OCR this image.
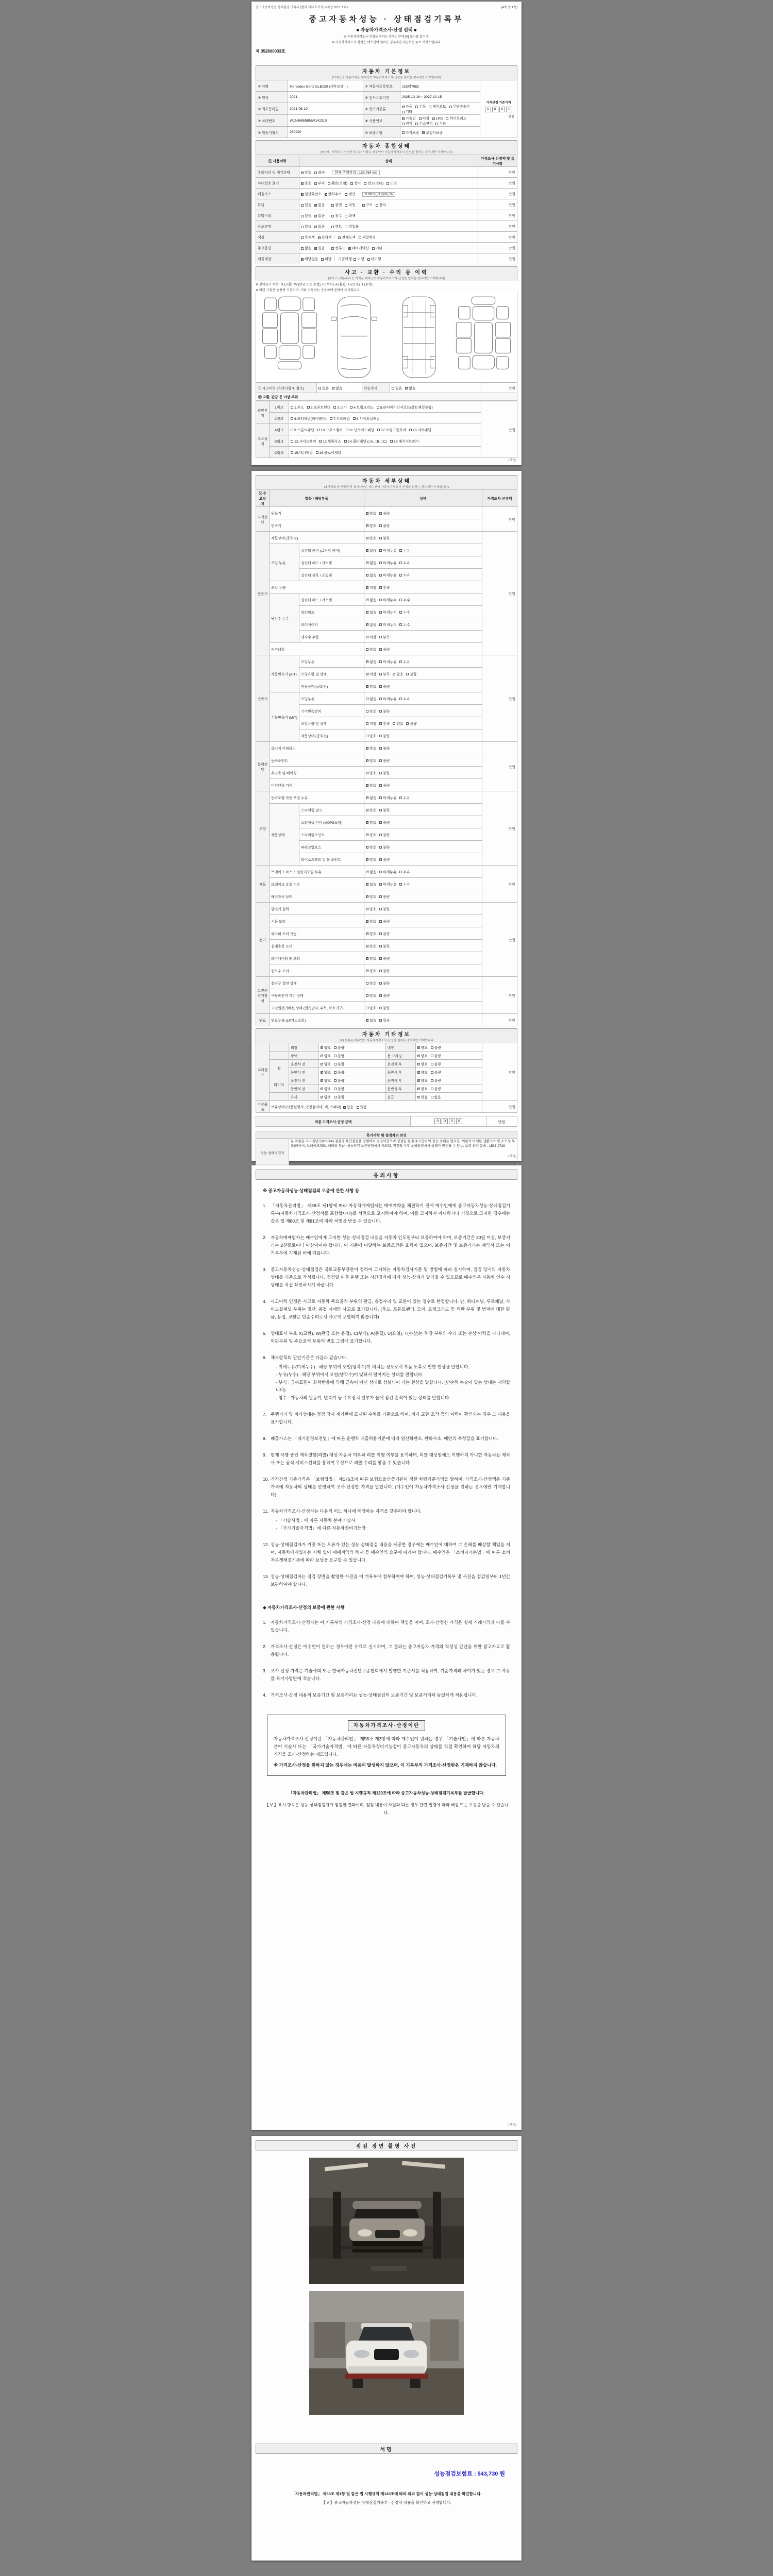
중고자동차성능·상태점검 기록부 [별지 제82호서식] <개정 2021.1.9.>	(4쪽 중 1쪽)
중고자동차성능 · 상태점검기록부
■ 자동차가격조사·산정 선택 ■
※ 자동차가격조사·산정을 원하는 경우 □ 안에 [V] 표시를 합니다.
※ 자동차가격조사·산정은 매수인이 원하는 경우에만 제공하는 유료 서비스입니다.
제 352600033호
자동차 기본정보
(가격산정 기준가격은 매수인이 자동차가격조사·산정을 원하는 경우에만 기재합니다)
① 차명	Mercedes-Benz GLB220 (세부모델 : )	② 자동차등록번호	102러7982	가격산정 기준가격
0 0 0 0
만원

③ 연식	2021	④ 검사유효기간	2025-10-16 ~ 2027-10-15	
⑤ 최초등록일	2021-06-19	⑥ 변속기종류	✓자동 수동 세미오토 무단변속기기타
⑦ 차대번호	W1N4MBB8MW142310	⑧ 사용연료	✓가솔린 디젤 LPG 하이브리드전기 수소전기 기타
⑨ 원동기형식	260920	⑩ 보증유형	자가보증 ✓ 보험사보증
자동차 종합상태
(※상태, 가격조사·산정액 및 특기사항은 매수인이 자동차가격조사·산정을 원하는 경우에만 기재합니다)
⑪ 사용이력	상태	가격조사·산정액 및 특기사항
주행거리 및 계기상태	✓양호 불량 현재 주행거리 : 155,764 km	만원
차대번호 표기	✓양호 부식 훼손(오염) 상이 변조(변타) 도장	만원
배출가스	✓일산화탄소 ✓ 탄화수소 매연 0.00 %, 0 ppm, %	만원
튜닝	있음 ✓ 없음 불법 적법 구조 장치	만원
특별이력	있음 ✓ 없음 침수 화재	만원
용도변경	있음 ✓ 없음 렌트 영업용	만원
색상	무채색 ✓ 유채색 전체도색 색상변경	만원
주요옵션	없음 ✓ 있음 썬루프 ✓ 네비게이션 기타	만원
리콜대상	✓해당없음 해당 리콜이행 이행 미이행	만원
사고 · 교환 · 수리 등 이력
(※사고·교환·수리 등 이력은 매수인이 자동차가격조사·산정을 원하는 경우에만 기재합니다)
※ 상태표시 부호 : X (교환), W (판금 또는 용접), C (부식), A (흠집), U (요철), T (손상)
※ 하단 그림은 승용차 기준이며, 기타 자동차는 승용차에 준하여 표시합니다.
⑫ 사고이력 (유의사항 4. 참조)	있음 ✓ 없음	단순수리	있음 ✓ 없음	만원
⑬ 교환, 판금 등 이상 부위
외판부위	1랭크	1.후드 2.프론트펜더 3.도어 4.트렁크리드 5.라디에이터서포트(볼트체결부품)	만원
	2랭크	6.쿼터패널(리어펜더) 7.루프패널 8.사이드실패널	
주요골격	A랭크	9.프론트패널 10.크로스멤버 11.인사이드패널 17.트렁크플로어 18.리어패널	
	B랭크	12.사이드멤버 13.휠하우스 14.필러패널 (□A, □B, □C) 19.패키지트레이	
	C랭크	15.대쉬패널 16.플로어패널	
(계속)
자동차 세부상태
(※가격조사·산정액 및 특기사항은 매수인이 자동차가격조사·산정을 원하는 경우에만 기재합니다)
⑭ 주요장치	항목 / 해당부품		상태	가격조사·산정액
자기진단	원동기	✓양호 불량	만원
	변속기	✓양호 불량
원동기	작동상태 (공회전)	✓양호 불량	만원
	오일 누유	실린더 커버 (로커암 커버)	✓없음 미세누유 누유
		실린더 헤드 / 가스켓	✓없음 미세누유 누유
		실린더 블록 / 오일팬	✓없음 미세누유 누유
	오일 유량	✓적정 부족
	냉각수 누수	실린더 헤드 / 가스켓	✓없음 미세누수 누수
		워터펌프	✓없음 미세누수 누수
		라디에이터	✓없음 미세누수 누수
		냉각수 수량	✓적정 부족
	커먼레일		양호 불량	
변속기	자동변속기 (A/T)	오일누유	✓없음 미세누유 누유	만원
		오일유량 및 상태	✓적정 부족 ✓ 양호 불량
		작동상태 (공회전)	✓양호 불량
	수동변속기 (M/T)	오일누유	없음 미세누유 누유	
		기어변속장치	양호 불량	
		오일유량 및 상태	적정 부족 양호 불량	
		작동상태 (공회전)	양호 불량	
동력전달	클러치 어셈블리	✓양호 불량	만원
	등속조인트	✓양호 불량
	추진축 및 베어링	✓양호 불량
	디퍼렌셜 기어	✓양호 불량
조향	동력조향 작동 오일 누유	✓없음 미세누유 누유	만원
	작동상태	스티어링 펌프	✓양호 불량
		스티어링 기어 (MDPS포함)	✓양호 불량
		스티어링조인트	✓양호 불량
		파워고압호스	✓양호 불량
		타이로드엔드 및 볼 조인트	✓양호 불량
제동	브레이크 마스터 실린더오일 누유	✓없음 미세누유 누유	만원
	브레이크 오일 누유	✓없음 미세누유 누유
	배력장치 상태	✓양호 불량
전기	발전기 출력	✓양호 불량	만원
	시동 모터	✓양호 불량
	와이퍼 모터 기능	✓양호 불량
	실내송풍 모터	✓양호 불량
	라디에이터 팬 모터	✓양호 불량
	윈도우 모터	✓양호 불량
고전원전기장치	충전구 절연 상태		양호 불량	만원
	구동축전지 격리 상태		양호 불량	
	고전원전기배선 상태 (접속단자, 피복, 보호기구)		양호 불량	
연료	연료누출 (LP가스포함)	✓없음 있음	만원
자동차 기타정보
(※) 항목은 매수인이 자동차가격조사·산정을 원하는 경우에만 기재합니다
수리필요		외장	✓양호 불량	내장	✓양호 불량	만원
		광택	✓양호 불량	룸 크리닝	✓양호 불량
	휠	운전석 전	✓양호 불량	운전석 후	✓양호 불량
		동반석 전	✓양호 불량	동반석 후	✓양호 불량
	타이어	운전석 전	✓양호 불량	운전석 후	✓양호 불량
		동반석 전	✓양호 불량	동반석 후	✓양호 불량
		유리	✓양호 불량	응급	✓있음 없음
기본품목	보유상태 (사용설명서, 안전삼각대, 잭, 스패너)  ✓있음 없음					만원
최종 가격조사·산정 금액	0 0 0 0	만원
특기사항 및 점검자의 의견	
성능·상태점검자	본 차량은 자가진단기(OBD-Ⅱ) 점검과 육안점검을 병행하여 점검하였으며 점검일 현재 주요장치의 성능·상태는 양호함. 외판의 미세한 생활기스 및 소모성 부품(타이어, 브레이크패드, 배터리 등)은 성능점검 보증범위에서 제외됨. 점검일 이후 운행과정에서 상태가 변동될 수 있음. 보증 관련 문의 : 1533-2729

(계속)
유의사항
※ 중고자동차성능·상태점검의 보증에 관한 사항 등
1. 「자동차관리법」 제58조 제1항에 따라 자동차매매업자는 매매계약을 체결하기 전에 매수인에게 중고자동차성능·상태점검기록부(자동차가격조사·산정서를 포함합니다)를 서면으로 고지하여야 하며, 이를 고지하지 아니하거나 거짓으로 고지한 경우에는 같은 법 제80조 및 제81조에 따라 처벌을 받을 수 있습니다.
2. 자동차매매업자는 매수인에게 고지한 성능·상태점검 내용을 자동차 인도일부터 보증하여야 하며, 보증기간은 30일 이상, 보증거리는 2천킬로미터 이상이어야 합니다. 이 기준에 미달하는 보증조건은 효력이 없으며, 보증기간 및 보증거리는 계약서 또는 이 기록부에 기재된 바에 따릅니다.
3. 중고자동차성능·상태점검은 국토교통부장관이 정하여 고시하는 자동차검사기준 및 방법에 따라 실시하며, 점검 당시의 자동차 상태를 기준으로 작성됩니다. 점검일 이후 운행 또는 시간경과에 따라 성능·상태가 달라질 수 있으므로 매수인은 자동차 인수 시 상태를 직접 확인하시기 바랍니다.
4. 사고이력 인정은 사고로 자동차 주요골격 부위의 판금, 용접수리 및 교환이 있는 경우로 한정합니다. 단, 쿼터패널, 루프패널, 사이드실패널 부위는 절단, 용접 시에만 사고로 표기합니다. (후드, 프론트펜더, 도어, 트렁크리드 등 외판 부위 및 범퍼에 대한 판금, 용접, 교환은 단순수리로서 사고에 포함되지 않습니다)
5. 상태표시 부호 X(교환), W(판금 또는 용접), C(부식), A(흠집), U(요철), T(손상)는 해당 부위의 수리 또는 손상 이력을 나타내며, 외판부위 및 주요골격 부위의 번호 그림에 표기합니다.
6. 체크항목의 판단기준은 다음과 같습니다.
- 미세누유(미세누수) : 해당 부위에 오일(냉각수)이 비치는 정도로서 부품 노후로 인한 현상을 말합니다.
- 누유(누수) : 해당 부위에서 오일(냉각수)이 맺혀서 떨어지는 상태를 말합니다.
- 부식 : 금속표면이 화학반응에 의해 금속이 아닌 상태로 상실되어 가는 현상을 말합니다. (단순히 녹슬어 있는 상태는 제외합니다)
- 침수 : 자동차의 원동기, 변속기 등 주요장치 일부가 물에 잠긴 흔적이 있는 상태를 말합니다.
7. 주행거리 및 계기상태는 점검 당시 계기판에 표시된 수치를 기준으로 하며, 계기 교환·조작 등의 이력이 확인되는 경우 그 내용을 표기합니다.
8. 배출가스는 「대기환경보전법」에 따른 운행차 배출허용기준에 따라 일산화탄소, 탄화수소, 매연의 측정값을 표기합니다.
9. 현재 시행 중인 제작결함(리콜) 대상 자동차 여부와 리콜 이행 여부를 표기하며, 리콜 대상임에도 이행하지 아니한 자동차는 제작사 또는 공식 서비스센터를 통하여 무상으로 리콜 수리를 받을 수 있습니다.
10. 가격산정 기준가격은 「보험업법」 제176조에 따른 보험요율산출기관이 정한 차량기준가액을 말하며, 가격조사·산정액은 기준가격에 자동차의 상태를 반영하여 조사·산정한 가격을 말합니다. (매수인이 자동차가격조사·산정을 원하는 경우에만 기재합니다)
11. 자동차가격조사·산정자는 다음의 어느 하나에 해당하는 자격을 갖추어야 합니다.
- 「기술사법」에 따른 자동차 분야 기술사
- 「국가기술자격법」에 따른 자동차정비기능장
12. 성능·상태점검자가 거짓 또는 오류가 있는 성능·상태점검 내용을 제공한 경우에는 매수인에 대하여 그 손해를 배상할 책임을 지며, 자동차매매업자는 지체 없이 매매계약의 해제 등 매수인의 요구에 따라야 합니다. 매수인은 「소비자기본법」에 따른 소비자분쟁해결기준에 따라 보상을 요구할 수 있습니다.
13. 성능·상태점검자는 점검 장면을 촬영한 사진을 이 기록부에 첨부하여야 하며, 성능·상태점검기록부 및 사진을 점검일부터 1년간 보관하여야 합니다.
◆ 자동차가격조사·산정의 보증에 관한 사항
1. 자동차가격조사·산정자는 이 기록부의 가격조사·산정 내용에 대하여 책임을 지며, 조사·산정한 가격은 실제 거래가격과 다를 수 있습니다.
2. 가격조사·산정은 매수인이 원하는 경우에만 유료로 실시하며, 그 결과는 중고자동차 가격의 적정성 판단을 위한 참고자료로 활용됩니다.
3. 조사·산정 가격은 기술사회 또는 한국자동차진단보증협회에서 발행한 기준서를 적용하며, 기준가격과 차이가 있는 경우 그 사유를 특기사항란에 적습니다.
4. 가격조사·산정 내용의 보증기간 및 보증거리는 성능·상태점검의 보증기간 및 보증거리와 동일하게 적용됩니다.
자동차가격조사·산정이란
자동차가격조사·산정이란 「자동차관리법」 제58조 제3항에 따라 매수인이 원하는 경우 「기술사법」에 따른 자동차 분야 기술사 또는 「국가기술자격법」에 따른 자동차정비기능장이 중고자동차의 상태를 직접 확인하여 해당 자동차의 가격을 조사·산정하는 제도입니다.
※ 가격조사·산정을 원하지 않는 경우에는 비용이 발생하지 않으며, 이 기록부의 가격조사·산정란은 기재하지 않습니다.
「자동차관리법」 제58조 및 같은 법 시행규칙 제120조에 따라 중고자동차성능·상태점검기록부를 발급합니다.
【 V 】표시 항목은 성능·상태점검자가 점검한 결과이며, 점검 내용이 사실과 다른 경우 관련 법령에 따라 배상 또는 보상을 받을 수 있습니다.
(계속)
점검 장면 촬영 사진
서명
성능점검보험료 : 543,730 원
「자동차관리법」 제58조 제1항 및 같은 법 시행규칙 제120조에 따라 위와 같이 성능·상태점검 내용을 확인합니다.
【 V 】중고자동차성능·상태점검기록부 · 산정서 내용을 확인하고 서명합니다.
